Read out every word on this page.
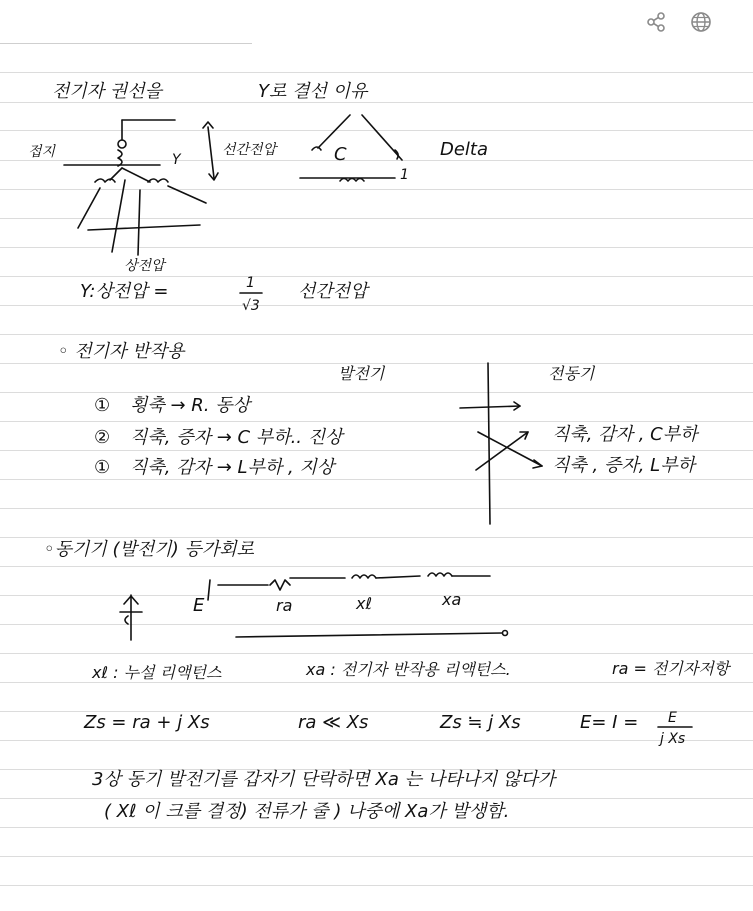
전기자 권선을	Y로 결선 이유
접지	Y
선간전압	C
1
Delta
상전압
Y:상전압 =	1
√3
선간전압
◦ 전기자 반작용
발전기	전동기
① 횡축 → R. 동상
② 직축, 증자 → C 부하.. 진상
① 직축, 감자 → L부하 , 지상
직축, 감자 , C부하
직축 , 증자, L부하
◦동기기 (발전기) 등가회로
E	ra	xℓ	xa
xℓ : 누설 리액턴스	xa : 전기자 반작용 리액턴스.	ra = 전기자저항
Zs = ra + j Xs	ra ≪ Xs	Zs ≒ j Xs	E= I = E
j Xs
3상 동기 발전기를 갑자기 단락하면 Xa 는 나타나지 않다가
( Xℓ 이 크를 결정) 전류가 줄 ) 나중에 Xa가 발생함.
